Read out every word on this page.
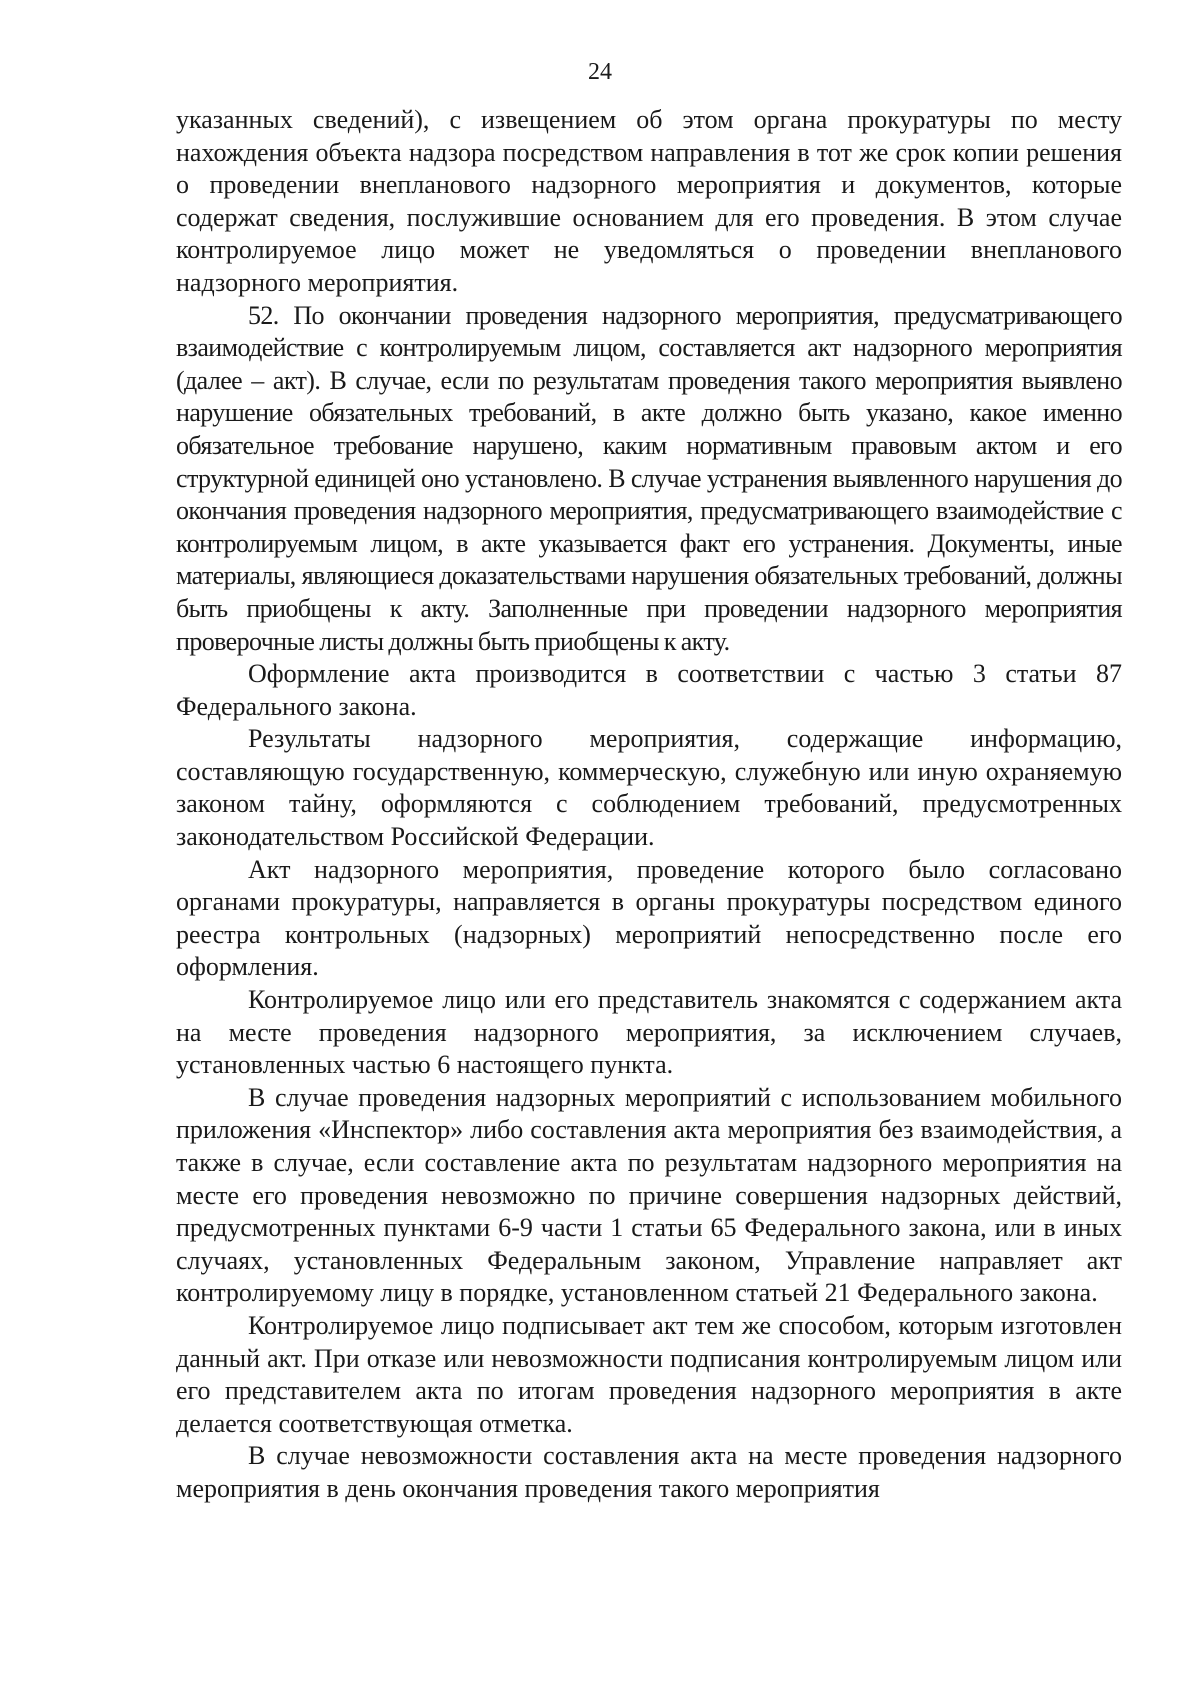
24

указанных сведений), с извещением об этом органа прокуратуры по месту нахождения объекта надзора посредством направления в тот же срок копии решения о проведении внепланового надзорного мероприятия и документов, которые содержат сведения, послужившие основанием для его проведения. В этом случае контролируемое лицо может не уведомляться о проведении внепланового надзорного мероприятия.

52. По окончании проведения надзорного мероприятия, предусматривающего взаимодействие с контролируемым лицом, составляется акт надзорного мероприятия (далее – акт). В случае, если по результатам проведения такого мероприятия выявлено нарушение обязательных требований, в акте должно быть указано, какое именно обязательное требование нарушено, каким нормативным правовым актом и его структурной единицей оно установлено. В случае устранения выявленного нарушения до окончания проведения надзорного мероприятия, предусматривающего взаимодействие с контролируемым лицом, в акте указывается факт его устранения. Документы, иные материалы, являющиеся доказательствами нарушения обязательных требований, должны быть приобщены к акту. Заполненные при проведении надзорного мероприятия проверочные листы должны быть приобщены к акту.

Оформление акта производится в соответствии с частью 3 статьи 87 Федерального закона.

Результаты надзорного мероприятия, содержащие информацию, составляющую государственную, коммерческую, служебную или иную охраняемую законом тайну, оформляются с соблюдением требований, предусмотренных законодательством Российской Федерации.

Акт надзорного мероприятия, проведение которого было согласовано органами прокуратуры, направляется в органы прокуратуры посредством единого реестра контрольных (надзорных) мероприятий непосредственно после его оформления.

Контролируемое лицо или его представитель знакомятся с содержанием акта на месте проведения надзорного мероприятия, за исключением случаев, установленных частью 6 настоящего пункта.

В случае проведения надзорных мероприятий с использованием мобильного приложения «Инспектор» либо составления акта мероприятия без взаимодействия, а также в случае, если составление акта по результатам надзорного мероприятия на месте его проведения невозможно по причине совершения надзорных действий, предусмотренных пунктами 6-9 части 1 статьи 65 Федерального закона, или в иных случаях, установленных Федеральным законом, Управление направляет акт контролируемому лицу в порядке, установленном статьей 21 Федерального закона.

Контролируемое лицо подписывает акт тем же способом, которым изготовлен данный акт. При отказе или невозможности подписания контролируемым лицом или его представителем акта по итогам проведения надзорного мероприятия в акте делается соответствующая отметка.

В случае невозможности составления акта на месте проведения надзорного мероприятия в день окончания проведения такого мероприятия
